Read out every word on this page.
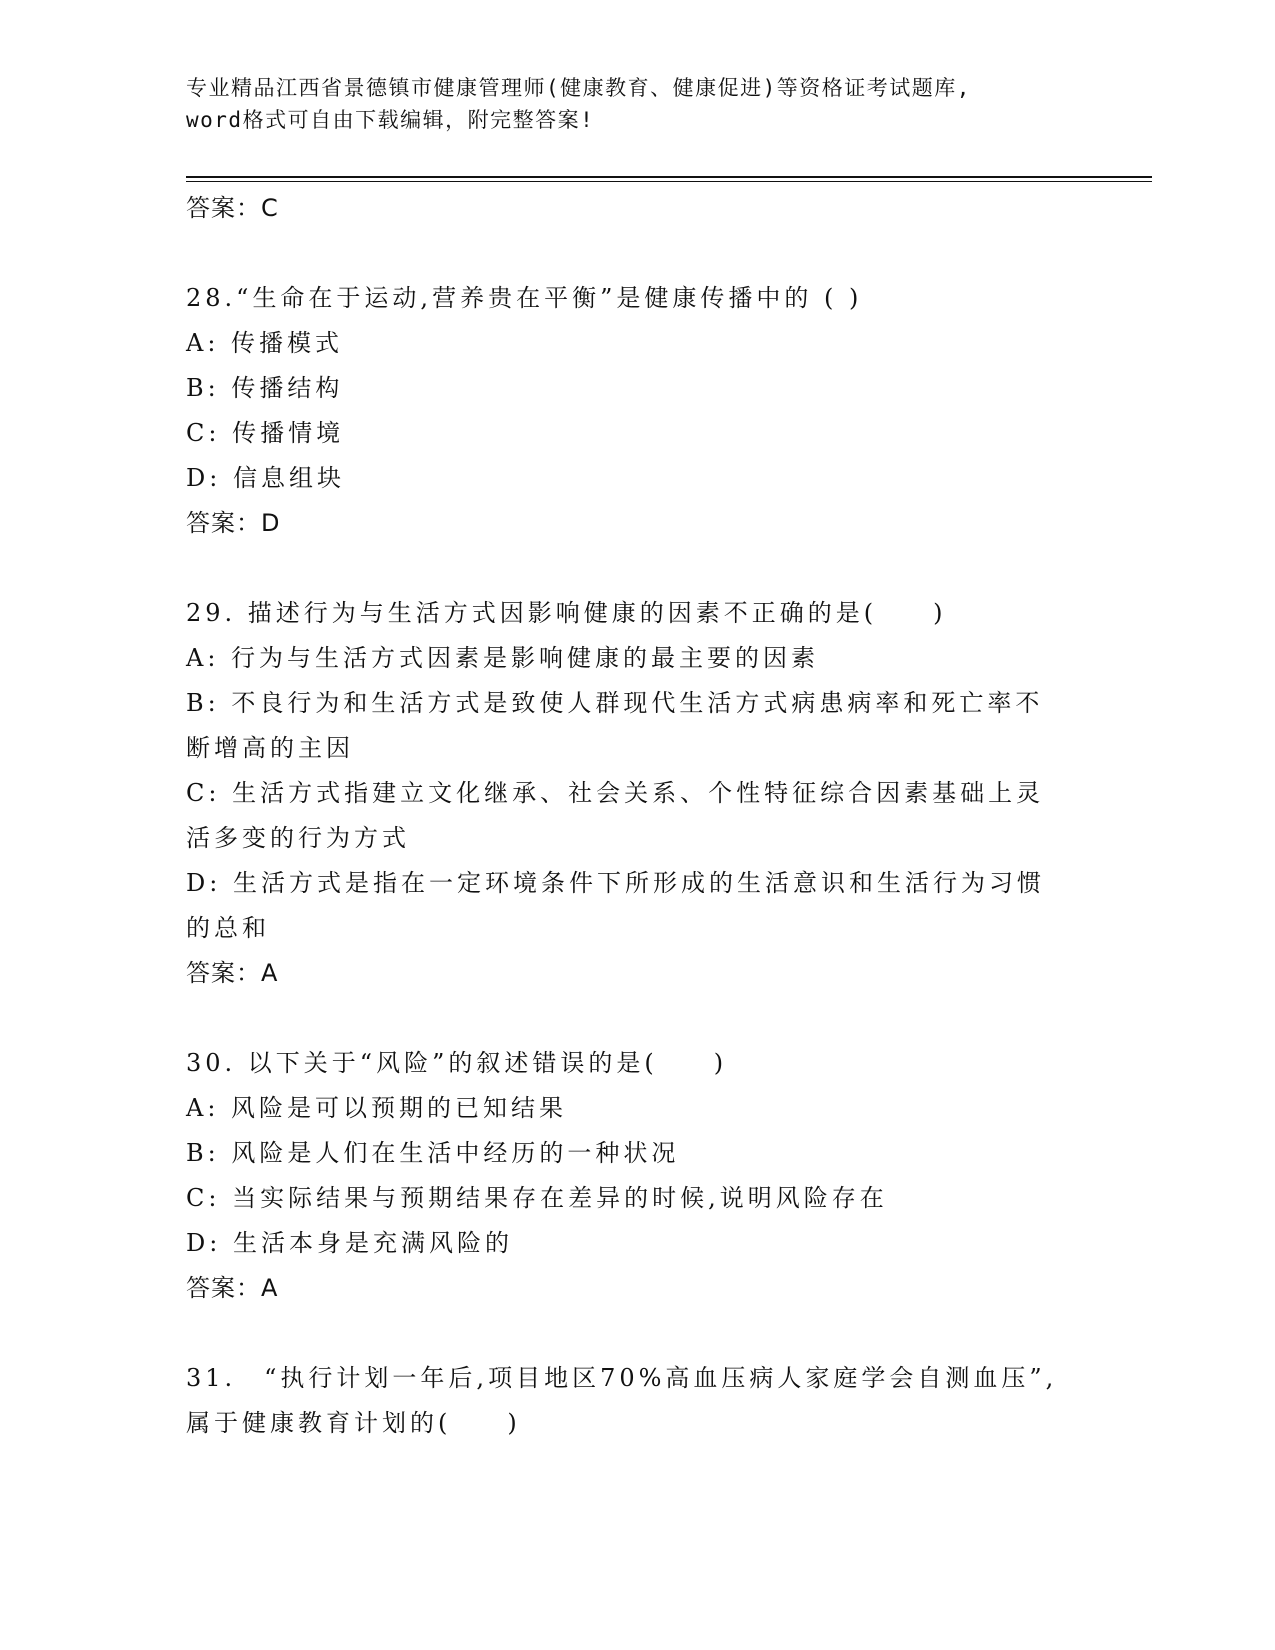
专业精品江西省景德镇市健康管理师(健康教育、健康促进)等资格证考试题库,
word格式可自由下载编辑，附完整答案!
答案：C
28.“生命在于运动,营养贵在平衡”是健康传播中的 ( )
A: 传播模式
B: 传播结构
C: 传播情境
D: 信息组块
答案：D
29. 描述行为与生活方式因影响健康的因素不正确的是(　　)
A: 行为与生活方式因素是影响健康的最主要的因素
B: 不良行为和生活方式是致使人群现代生活方式病患病率和死亡率不断增高的主因
C: 生活方式指建立文化继承、社会关系、个性特征综合因素基础上灵活多变的行为方式
D: 生活方式是指在一定环境条件下所形成的生活意识和生活行为习惯的总和
答案：A
30. 以下关于“风险”的叙述错误的是(　　)
A: 风险是可以预期的已知结果
B: 风险是人们在生活中经历的一种状况
C: 当实际结果与预期结果存在差异的时候,说明风险存在
D: 生活本身是充满风险的
答案：A
31.　“执行计划一年后,项目地区70%高血压病人家庭学会自测血压”,属于健康教育计划的(　　)
